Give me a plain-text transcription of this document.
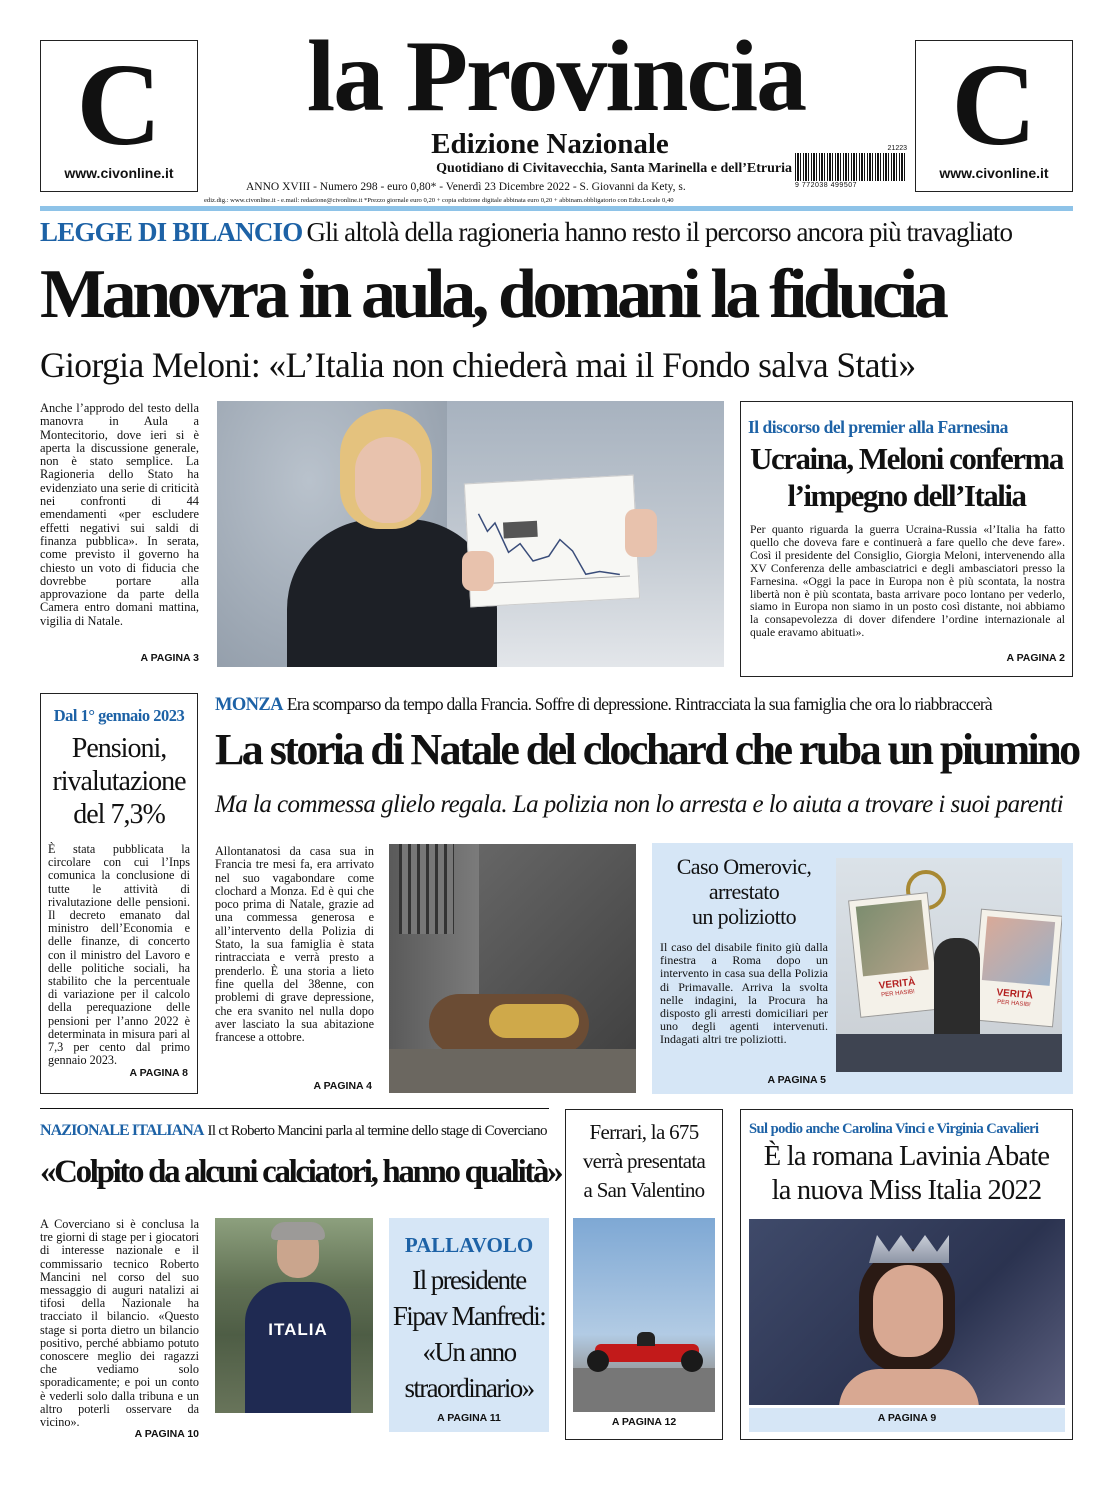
C
www.civonline.it
C
www.civonline.it
la Provincia
Edizione Nazionale
Quotidiano di Civitavecchia, Santa Marinella e dell’Etruria
ANNO XVIII - Numero 298 - euro 0,80* - Venerdì 23 Dicembre 2022 - S. Giovanni da Kety, s.
ediz.dig.: www.civonline.it - e.mail: redazione@civonline.it *Prezzo giornale euro 0,20 + copia edizione digitale abbinata euro 0,20 + abbinam.obbligatorio con Ediz.Locale 0,40
21223
9 772038 499507
LEGGE DI BILANCIO Gli altolà della ragioneria hanno resto il percorso ancora più travagliato
Manovra in aula, domani la fiducia
Giorgia Meloni: «L’Italia non chiederà mai il Fondo salva Stati»
Anche l’approdo del testo della manovra in Aula a Montecitorio, dove ieri si è aperta la discussione generale, non è stato semplice. La Ragioneria dello Stato ha evidenziato una serie di criticità nei confronti di 44 emendamenti «per escludere effetti negativi sui saldi di finanza pubblica». In serata, come previsto il governo ha chiesto un voto di fiducia che dovrebbe portare alla approvazione da parte della Camera entro domani mattina, vigilia di Natale.
A PAGINA 3
Il discorso del premier alla Farnesina
Ucraina, Meloni conferma
l’impegno dell’Italia
Per quanto riguarda la guerra Ucraina-Russia «l’Italia ha fatto quello che doveva fare e continuerà a fare quello che deve fare». Così il presidente del Consiglio, Giorgia Meloni, intervenendo alla XV Conferenza delle ambasciatrici e degli ambasciatori presso la Farnesina. «Oggi la pace in Europa non è più scontata, la nostra libertà non è più scontata, basta arrivare poco lontano per vederlo, siamo in Europa non siamo in un posto così distante, noi abbiamo la consapevolezza di dover difendere l’ordine internazionale al quale eravamo abituati».
A PAGINA 2
Dal 1° gennaio 2023
Pensioni,
rivalutazione
del 7,3%
È stata pubblicata la circolare con cui l’Inps comunica la conclusione di tutte le attività di rivalutazione delle pensioni. Il decreto emanato dal ministro dell’Economia e delle finanze, di concerto con il ministro del Lavoro e delle politiche sociali, ha stabilito che la percentuale di variazione per il calcolo della perequazione delle pensioni per l’anno 2022 è determinata in misura pari al 7,3 per cento dal primo gennaio 2023.
A PAGINA 8
MONZA Era scomparso da tempo dalla Francia. Soffre di depressione. Rintracciata la sua famiglia che ora lo riabbraccerà
La storia di Natale del clochard che ruba un piumino
Ma la commessa glielo regala. La polizia non lo arresta e lo aiuta a trovare i suoi parenti
Allontanatosi da casa sua in Francia tre mesi fa, era arrivato nel suo vagabondare come clochard a Monza. Ed è qui che poco prima di Natale, grazie ad una commessa generosa e all’intervento della Polizia di Stato, la sua famiglia è stata rintracciata e verrà presto a prenderlo. È una storia a lieto fine quella del 38enne, con problemi di grave depressione, che era svanito nel nulla dopo aver lasciato la sua abitazione francese a ottobre.
A PAGINA 4
Caso Omerovic,
arrestato
un poliziotto
Il caso del disabile finito giù dalla finestra a Roma dopo un intervento in casa sua della Polizia di Primavalle. Arriva la svolta nelle indagini, la Procura ha disposto gli arresti domiciliari per uno degli agenti intervenuti. Indagati altri tre poliziotti.
A PAGINA 5
VERITÀ
PER HASIB!	VERITÀ
PER HASIB!
NAZIONALE ITALIANA Il ct Roberto Mancini parla al termine dello stage di Coverciano
«Colpito da alcuni calciatori, hanno qualità»
A Coverciano si è conclusa la tre giorni di stage per i giocatori di interesse nazionale e il commissario tecnico Roberto Mancini nel corso del suo messaggio di auguri natalizi ai tifosi della Nazionale ha tracciato il bilancio. «Questo stage si porta dietro un bilancio positivo, perché abbiamo potuto conoscere meglio dei ragazzi che vediamo solo sporadicamente; e poi un conto è vederli solo dalla tribuna e un altro poterli osservare da vicino».
A PAGINA 10
ITALIA
PALLAVOLO
Il presidente
Fipav Manfredi:
«Un anno
straordinario»
A PAGINA 11
Ferrari, la 675
verrà presentata
a San Valentino
A PAGINA 12
Sul podio anche Carolina Vinci e Virginia Cavalieri
È la romana Lavinia Abate
la nuova Miss Italia 2022
A PAGINA 9
